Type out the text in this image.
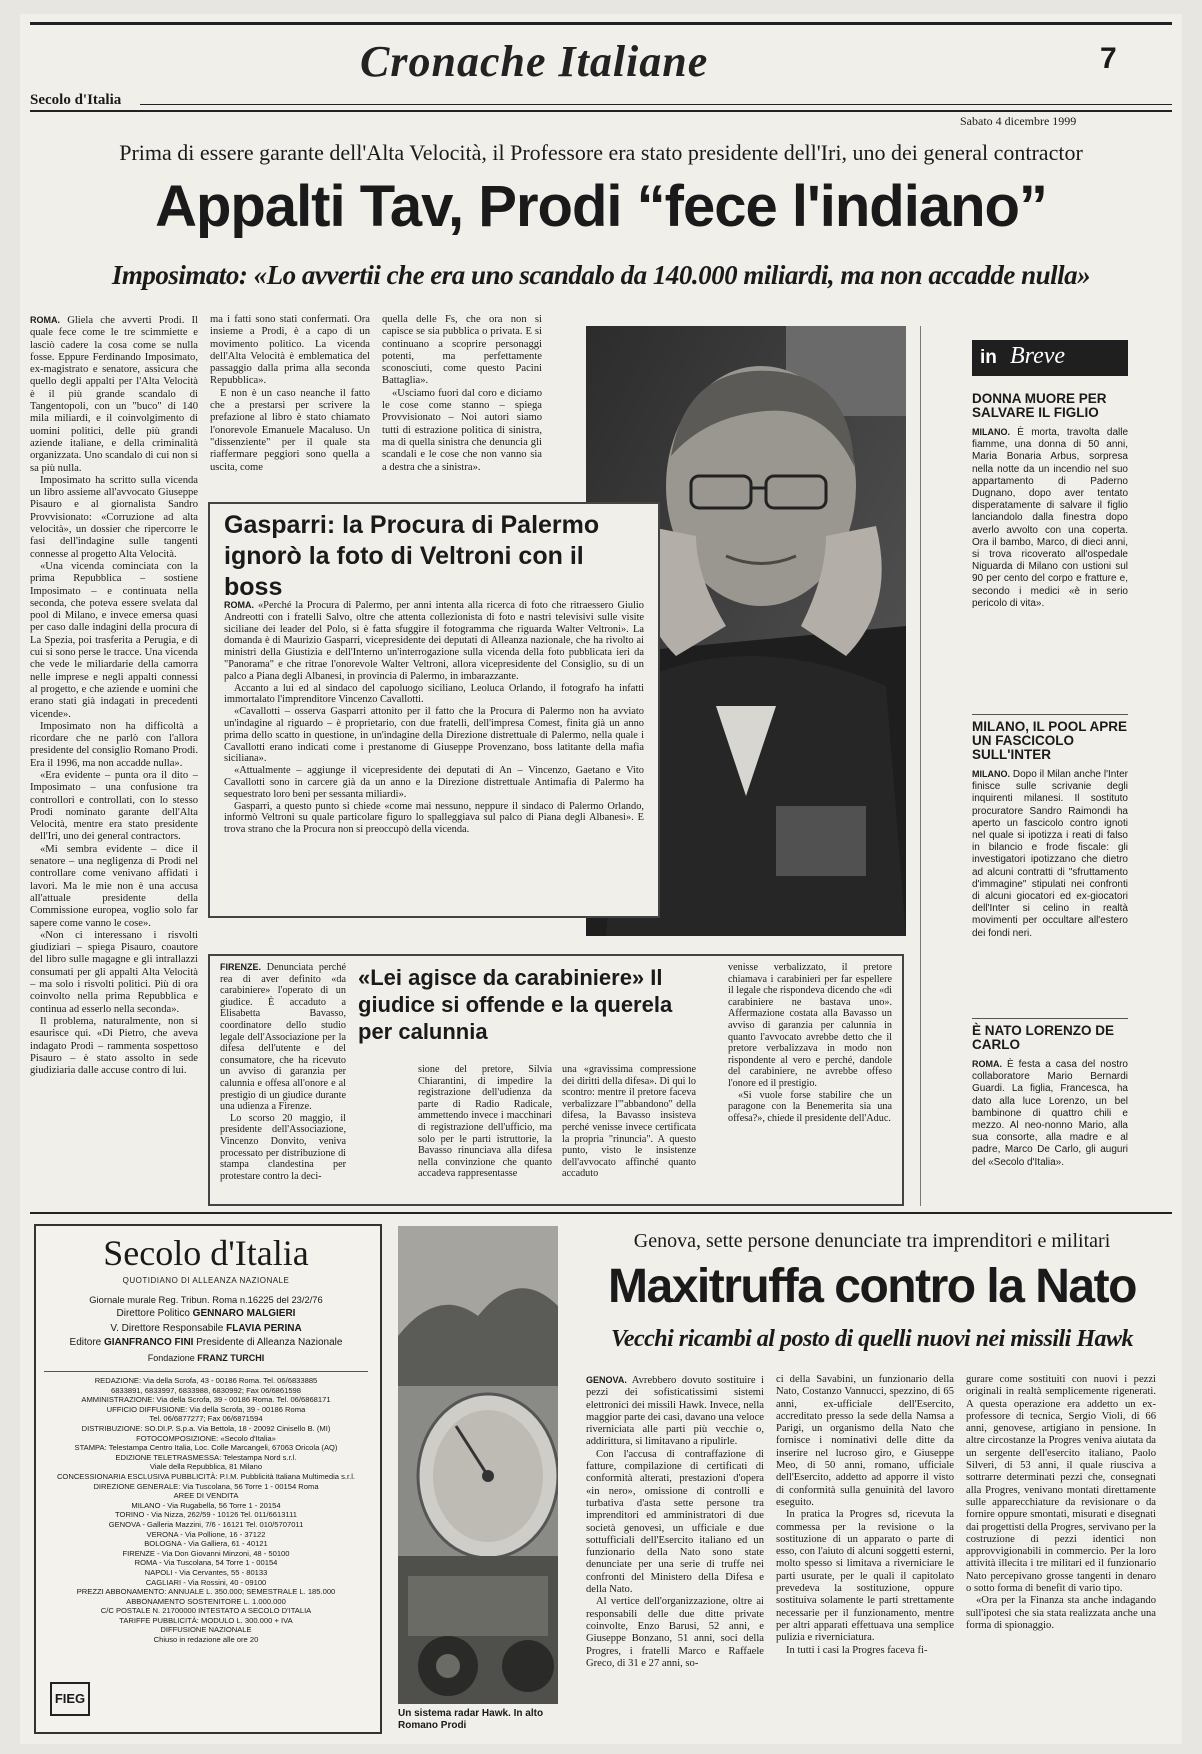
Cronache Italiane	7
Secolo d'Italia
Sabato 4 dicembre 1999
Prima di essere garante dell'Alta Velocità, il Professore era stato presidente dell'Iri, uno dei general contractor
Appalti Tav, Prodi “fece l'indiano”
Imposimato: «Lo avvertii che era uno scandalo da 140.000 miliardi, ma non accadde nulla»

ROMA. Gliela che avverti Prodi. Il quale fece come le tre scimmiette e lasciò cadere la cosa come se nulla fosse. Eppure Ferdinando Imposimato, ex-magistrato e senatore, assicura che quello degli appalti per l'Alta Velocità è il più grande scandalo di Tangentopoli, con un "buco" di 140 mila miliardi, e il coinvolgimento di uomini politici, delle più grandi aziende italiane, e della criminalità organizzata. Uno scandalo di cui non si sa più nulla.

Imposimato ha scritto sulla vicenda un libro assieme all'avvocato Giuseppe Pisauro e al giornalista Sandro Provvisionato: «Corruzione ad alta velocità», un dossier che ripercorre le fasi dell'indagine sulle tangenti connesse al progetto Alta Velocità.

«Una vicenda cominciata con la prima Repubblica – sostiene Imposimato – e continuata nella seconda, che poteva essere svelata dal pool di Milano, e invece emersa quasi per caso dalle indagini della procura di La Spezia, poi trasferita a Perugia, e di cui si sono perse le tracce. Una vicenda che vede le miliardarie della camorra nelle imprese e negli appalti connessi al progetto, e che aziende e uomini che erano stati già indagati in precedenti vicende».

Imposimato non ha difficoltà a ricordare che ne parlò con l'allora presidente del consiglio Romano Prodi. Era il 1996, ma non accadde nulla».

«Era evidente – punta ora il dito – Imposimato – una confusione tra controllori e controllati, con lo stesso Prodi nominato garante dell'Alta Velocità, mentre era stato presidente dell'Iri, uno dei general contractors.

«Mi sembra evidente – dice il senatore – una negligenza di Prodi nel controllare come venivano affidati i lavori. Ma le mie non è una accusa all'attuale presidente della Commissione europea, voglio solo far sapere come vanno le cose».

«Non ci interessano i risvolti giudiziari – spiega Pisauro, coautore del libro sulle magagne e gli intrallazzi consumati per gli appalti Alta Velocità – ma solo i risvolti politici. Più di ora coinvolto nella prima Repubblica e continua ad esserlo nella seconda».

Il problema, naturalmente, non si esaurisce qui. «Di Pietro, che aveva indagato Prodi – rammenta sospettoso Pisauro – è stato assolto in sede giudiziaria dalle accuse contro di lui.

ma i fatti sono stati confermati. Ora insieme a Prodi, è a capo di un movimento politico. La vicenda dell'Alta Velocità è emblematica del passaggio dalla prima alla seconda Repubblica».

E non è un caso neanche il fatto che a prestarsi per scrivere la prefazione al libro è stato chiamato l'onorevole Emanuele Macaluso. Un "dissenziente" per il quale sta riaffermare peggiori sono quella a uscita, come

quella delle Fs, che ora non si capisce se sia pubblica o privata. E si continuano a scoprire personaggi potenti, ma perfettamente sconosciuti, come questo Pacini Battaglia».

«Usciamo fuori dal coro e diciamo le cose come stanno – spiega Provvisionato – Noi autori siamo tutti di estrazione politica di sinistra, ma di quella sinistra che denuncia gli scandali e le cose che non vanno sia a destra che a sinistra».

Gasparri: la Procura di Palermo ignorò la foto di Veltroni con il boss

ROMA. «Perché la Procura di Palermo, per anni intenta alla ricerca di foto che ritraessero Giulio Andreotti con i fratelli Salvo, oltre che attenta collezionista di foto e nastri televisivi sulle visite siciliane dei leader del Polo, si è fatta sfuggire il fotogramma che riguarda Walter Veltroni». La domanda è di Maurizio Gasparri, vicepresidente dei deputati di Alleanza nazionale, che ha rivolto ai ministri della Giustizia e dell'Interno un'interrogazione sulla vicenda della foto pubblicata ieri da "Panorama" e che ritrae l'onorevole Walter Veltroni, allora vicepresidente del Consiglio, su di un palco a Piana degli Albanesi, in provincia di Palermo, in imbarazzante.

Accanto a lui ed al sindaco del capoluogo siciliano, Leoluca Orlando, il fotografo ha infatti immortalato l'imprenditore Vincenzo Cavallotti.

«Cavallotti – osserva Gasparri attonito per il fatto che la Procura di Palermo non ha avviato un'indagine al riguardo – è proprietario, con due fratelli, dell'impresa Comest, finita già un anno prima dello scatto in questione, in un'indagine della Direzione distrettuale di Palermo, nella quale i Cavallotti erano indicati come i prestanome di Giuseppe Provenzano, boss latitante della mafia siciliana».

«Attualmente – aggiunge il vicepresidente dei deputati di An – Vincenzo, Gaetano e Vito Cavallotti sono in carcere già da un anno e la Direzione distrettuale Antimafia di Palermo ha sequestrato loro beni per sessanta miliardi».

Gasparri, a questo punto si chiede «come mai nessuno, neppure il sindaco di Palermo Orlando, informò Veltroni su quale particolare figuro lo spalleggiava sul palco di Piana degli Albanesi». E trova strano che la Procura non si preoccupò della vicenda.

in Breve
DONNA MUORE PER SALVARE IL FIGLIO
MILANO. È morta, travolta dalle fiamme, una donna di 50 anni, Maria Bonaria Arbus, sorpresa nella notte da un incendio nel suo appartamento di Paderno Dugnano, dopo aver tentato disperatamente di salvare il figlio lanciandolo dalla finestra dopo averlo avvolto con una coperta. Ora il bambo, Marco, di dieci anni, si trova ricoverato all'ospedale Niguarda di Milano con ustioni sul 90 per cento del corpo e fratture e, secondo i medici «è in serio pericolo di vita».
MILANO, IL POOL APRE UN FASCICOLO SULL'INTER
MILANO. Dopo il Milan anche l'Inter finisce sulle scrivanie degli inquirenti milanesi. Il sostituto procuratore Sandro Raimondi ha aperto un fascicolo contro ignoti nel quale si ipotizza i reati di falso in bilancio e frode fiscale: gli investigatori ipotizzano che dietro ad alcuni contratti di "sfruttamento d'immagine" stipulati nei confronti di alcuni giocatori ed ex-giocatori dell'Inter si celino in realtà movimenti per occultare all'estero dei fondi neri.
È NATO LORENZO DE CARLO
ROMA. È festa a casa del nostro collaboratore Mario Bernardi Guardi. La figlia, Francesca, ha dato alla luce Lorenzo, un bel bambinone di quattro chili e mezzo. Al neo-nonno Mario, alla sua consorte, alla madre e al padre, Marco De Carlo, gli auguri del «Secolo d'Italia».

FIRENZE. Denunciata perché rea di aver definito «da carabiniere» l'operato di un giudice. È accaduto a Elisabetta Bavasso, coordinatore dello studio legale dell'Associazione per la difesa dell'utente e del consumatore, che ha ricevuto un avviso di garanzia per calunnia e offesa all'onore e al prestigio di un giudice durante una udienza a Firenze.

Lo scorso 20 maggio, il presidente dell'Associazione, Vincenzo Donvito, veniva processato per distribuzione di stampa clandestina per protestare contro la deci-

«Lei agisce da carabiniere» Il giudice si offende e la querela per calunnia

sione del pretore, Silvia Chiarantini, di impedire la registrazione dell'udienza da parte di Radio Radicale, ammettendo invece i macchinari di registrazione dell'ufficio, ma solo per le parti istruttorie, la Bavasso rinunciava alla difesa nella convinzione che quanto accadeva rappresentasse

una «gravissima compressione dei diritti della difesa». Di qui lo scontro: mentre il pretore faceva verbalizzare l'"abbandono" della difesa, la Bavasso insisteva perché venisse invece certificata la propria "rinuncia". A questo punto, visto le insistenze dell'avvocato affinché quanto accaduto

venisse verbalizzato, il pretore chiamava i carabinieri per far espellere il legale che rispondeva dicendo che «di carabiniere ne bastava uno». Affermazione costata alla Bavasso un avviso di garanzia per calunnia in quanto l'avvocato avrebbe detto che il pretore verbalizzava in modo non rispondente al vero e perché, dandole del carabiniere, ne avrebbe offeso l'onore ed il prestigio.

«Si vuole forse stabilire che un paragone con la Benemerita sia una offesa?», chiede il presidente dell'Aduc.

Secolo d'Italia
QUOTIDIANO DI ALLEANZA NAZIONALE
Giornale murale Reg. Tribun. Roma n.16225 del 23/2/76
Direttore Politico GENNARO MALGIERI
V. Direttore Responsabile FLAVIA PERINA
Editore GIANFRANCO FINI Presidente di Alleanza Nazionale
Fondazione FRANZ TURCHI
REDAZIONE: Via della Scrofa, 43 - 00186 Roma. Tel. 06/6833885
6833891, 6833997, 6833988, 6830992; Fax 06/6861598
AMMINISTRAZIONE: Via della Scrofa, 39 - 00186 Roma. Tel. 06/6868171
UFFICIO DIFFUSIONE: Via della Scrofa, 39 - 00186 Roma
Tel. 06/6877277; Fax 06/6871594
DISTRIBUZIONE: SO.DI.P. S.p.a. Via Bettola, 18 - 20092 Cinisello B. (MI)
FOTOCOMPOSIZIONE: «Secolo d'Italia»
STAMPA: Telestampa Centro Italia, Loc. Colle Marcangeli, 67063 Oricola (AQ)
EDIZIONE TELETRASMESSA: Telestampa Nord s.r.l.
Viale della Repubblica, 81 Milano
CONCESSIONARIA ESCLUSIVA PUBBLICITÀ: P.I.M. Pubblicità Italiana Multimedia s.r.l.
DIREZIONE GENERALE: Via Tuscolana, 56 Torre 1 - 00154 Roma
AREE DI VENDITA
MILANO - Via Rugabella, 56 Torre 1 - 20154
TORINO - Via Nizza, 262/59 - 10126 Tel. 011/6613111
GENOVA - Galleria Mazzini, 7/6 - 16121 Tel. 010/5707011
VERONA - Via Pollione, 16 - 37122
BOLOGNA - Via Galliera, 61 - 40121
FIRENZE - Via Don Giovanni Minzoni, 48 - 50100
ROMA - Via Tuscolana, 54 Torre 1 - 00154
NAPOLI - Via Cervantes, 55 - 80133
CAGLIARI - Via Rossini, 40 - 09100
PREZZI ABBONAMENTO: ANNUALE L. 350.000; SEMESTRALE L. 185.000
ABBONAMENTO SOSTENITORE L. 1.000.000
C/C POSTALE N. 21700000 INTESTATO A SECOLO D'ITALIA
TARIFFE PUBBLICITÀ: MODULO L. 300.000 + IVA
DIFFUSIONE NAZIONALE
Chiuso in redazione alle ore 20
FIEG
Un sistema radar Hawk. In alto Romano Prodi
Genova, sette persone denunciate tra imprenditori e militari
Maxitruffa contro la Nato
Vecchi ricambi al posto di quelli nuovi nei missili Hawk

GENOVA. Avrebbero dovuto sostituire i pezzi dei sofisticatissimi sistemi elettronici dei missili Hawk. Invece, nella maggior parte dei casi, davano una veloce riverniciata alle parti più vecchie o, addirittura, si limitavano a ripulirle.

Con l'accusa di contraffazione di fatture, compilazione di certificati di conformità alterati, prestazioni d'opera «in nero», omissione di controlli e turbativa d'asta sette persone tra imprenditori ed amministratori di due società genovesi, un ufficiale e due sottufficiali dell'Esercito italiano ed un funzionario della Nato sono state denunciate per una serie di truffe nei confronti del Ministero della Difesa e della Nato.

Al vertice dell'organizzazione, oltre ai responsabili delle due ditte private coinvolte, Enzo Barusi, 52 anni, e Giuseppe Bonzano, 51 anni, soci della Progres, i fratelli Marco e Raffaele Greco, di 31 e 27 anni, so-

ci della Savabini, un funzionario della Nato, Costanzo Vannucci, spezzino, di 65 anni, ex-ufficiale dell'Esercito, accreditato presso la sede della Namsa a Parigi, un organismo della Nato che fornisce i nominativi delle ditte da inserire nel lucroso giro, e Giuseppe Meo, di 50 anni, romano, ufficiale dell'Esercito, addetto ad apporre il visto di conformità sulla genuinità del lavoro eseguito.

In pratica la Progres sd, ricevuta la commessa per la revisione o la sostituzione di un apparato o parte di esso, con l'aiuto di alcuni soggetti esterni, molto spesso si limitava a riverniciare le parti usurate, per le quali il capitolato prevedeva la sostituzione, oppure sostituiva solamente le parti strettamente necessarie per il funzionamento, mentre per altri apparati effettuava una semplice pulizia e riverniciatura.

In tutti i casi la Progres faceva fi-

gurare come sostituiti con nuovi i pezzi originali in realtà semplicemente rigenerati. A questa operazione era addetto un ex-professore di tecnica, Sergio Violi, di 66 anni, genovese, artigiano in pensione. In altre circostanze la Progres veniva aiutata da un sergente dell'esercito italiano, Paolo Silveri, di 53 anni, il quale riusciva a sottrarre determinati pezzi che, consegnati alla Progres, venivano montati direttamente sulle apparecchiature da revisionare o da fornire oppure smontati, misurati e disegnati dai progettisti della Progres, servivano per la costruzione di pezzi identici non approvvigionabili in commercio. Per la loro attività illecita i tre militari ed il funzionario Nato percepivano grosse tangenti in denaro o sotto forma di benefit di vario tipo.

«Ora per la Finanza sta anche indagando sull'ipotesi che sia stata realizzata anche una forma di spionaggio.
